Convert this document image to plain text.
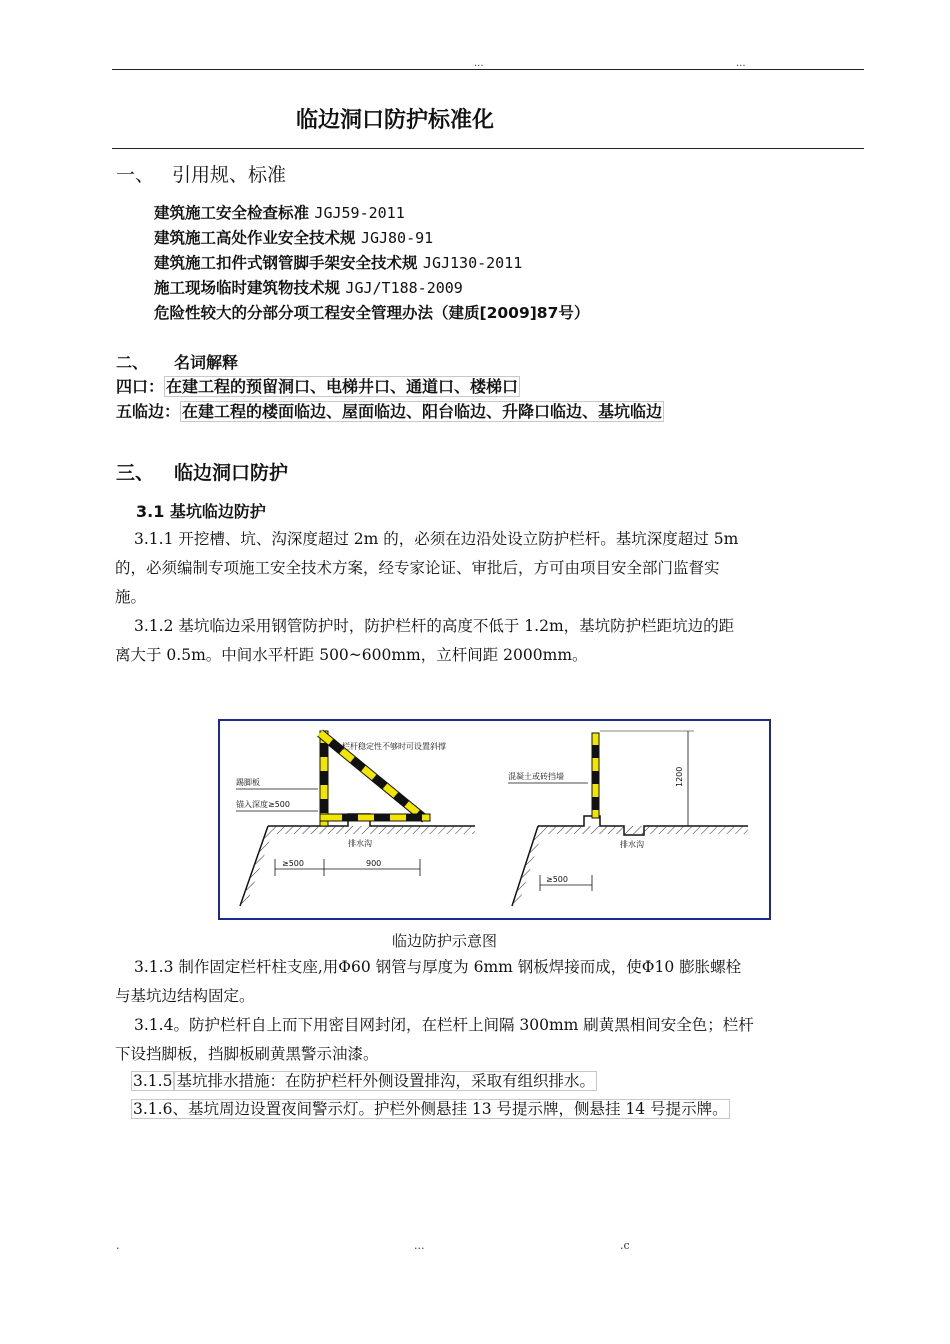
...	...
临边洞口防护标准化
一、 引用规、标准
建筑施工安全检查标准 JGJ59-2011
建筑施工高处作业安全技术规 JGJ80-91
建筑施工扣件式钢管脚手架安全技术规 JGJ130-2011
施工现场临时建筑物技术规 JGJ/T188-2009
危险性较大的分部分项工程安全管理办法（建质[2009]87号）
二、 名词解释
四口： 在建工程的预留洞口、电梯井口、通道口、楼梯口
五临边： 在建工程的楼面临边、屋面临边、阳台临边、升降口临边、基坑临边
三、 临边洞口防护
3.1 基坑临边防护
3.1.1 开挖槽、坑、沟深度超过 2m 的，必须在边沿处设立防护栏杆。基坑深度超过 5m
的，必须编制专项施工安全技术方案，经专家论证、审批后，方可由项目安全部门监督实
施。
3.1.2 基坑临边采用钢管防护时，防护栏杆的高度不低于 1.2m，基坑防护栏距坑边的距
离大于 0.5m。中间水平杆距 500~600mm，立杆间距 2000mm。
栏杆稳定性不够时可设置斜撑
踢脚板
锚入深度≥500
排水沟
≥500	900
混凝土或砖挡墙
排水沟
1200
≥500
临边防护示意图
3.1.3 制作固定栏杆柱支座,用Φ60 钢管与厚度为 6mm 钢板焊接而成，使Φ10 膨胀螺栓
与基坑边结构固定。
3.1.4。防护栏杆自上而下用密目网封闭，在栏杆上间隔 300mm 刷黄黑相间安全色；栏杆
下设挡脚板，挡脚板刷黄黑警示油漆。
3.1.5 基坑排水措施：在防护栏杆外侧设置排沟，采取有组织排水。
3.1.6、基坑周边设置夜间警示灯。护栏外侧悬挂 13 号提示牌，侧悬挂 14 号提示牌。
.	...	.c
